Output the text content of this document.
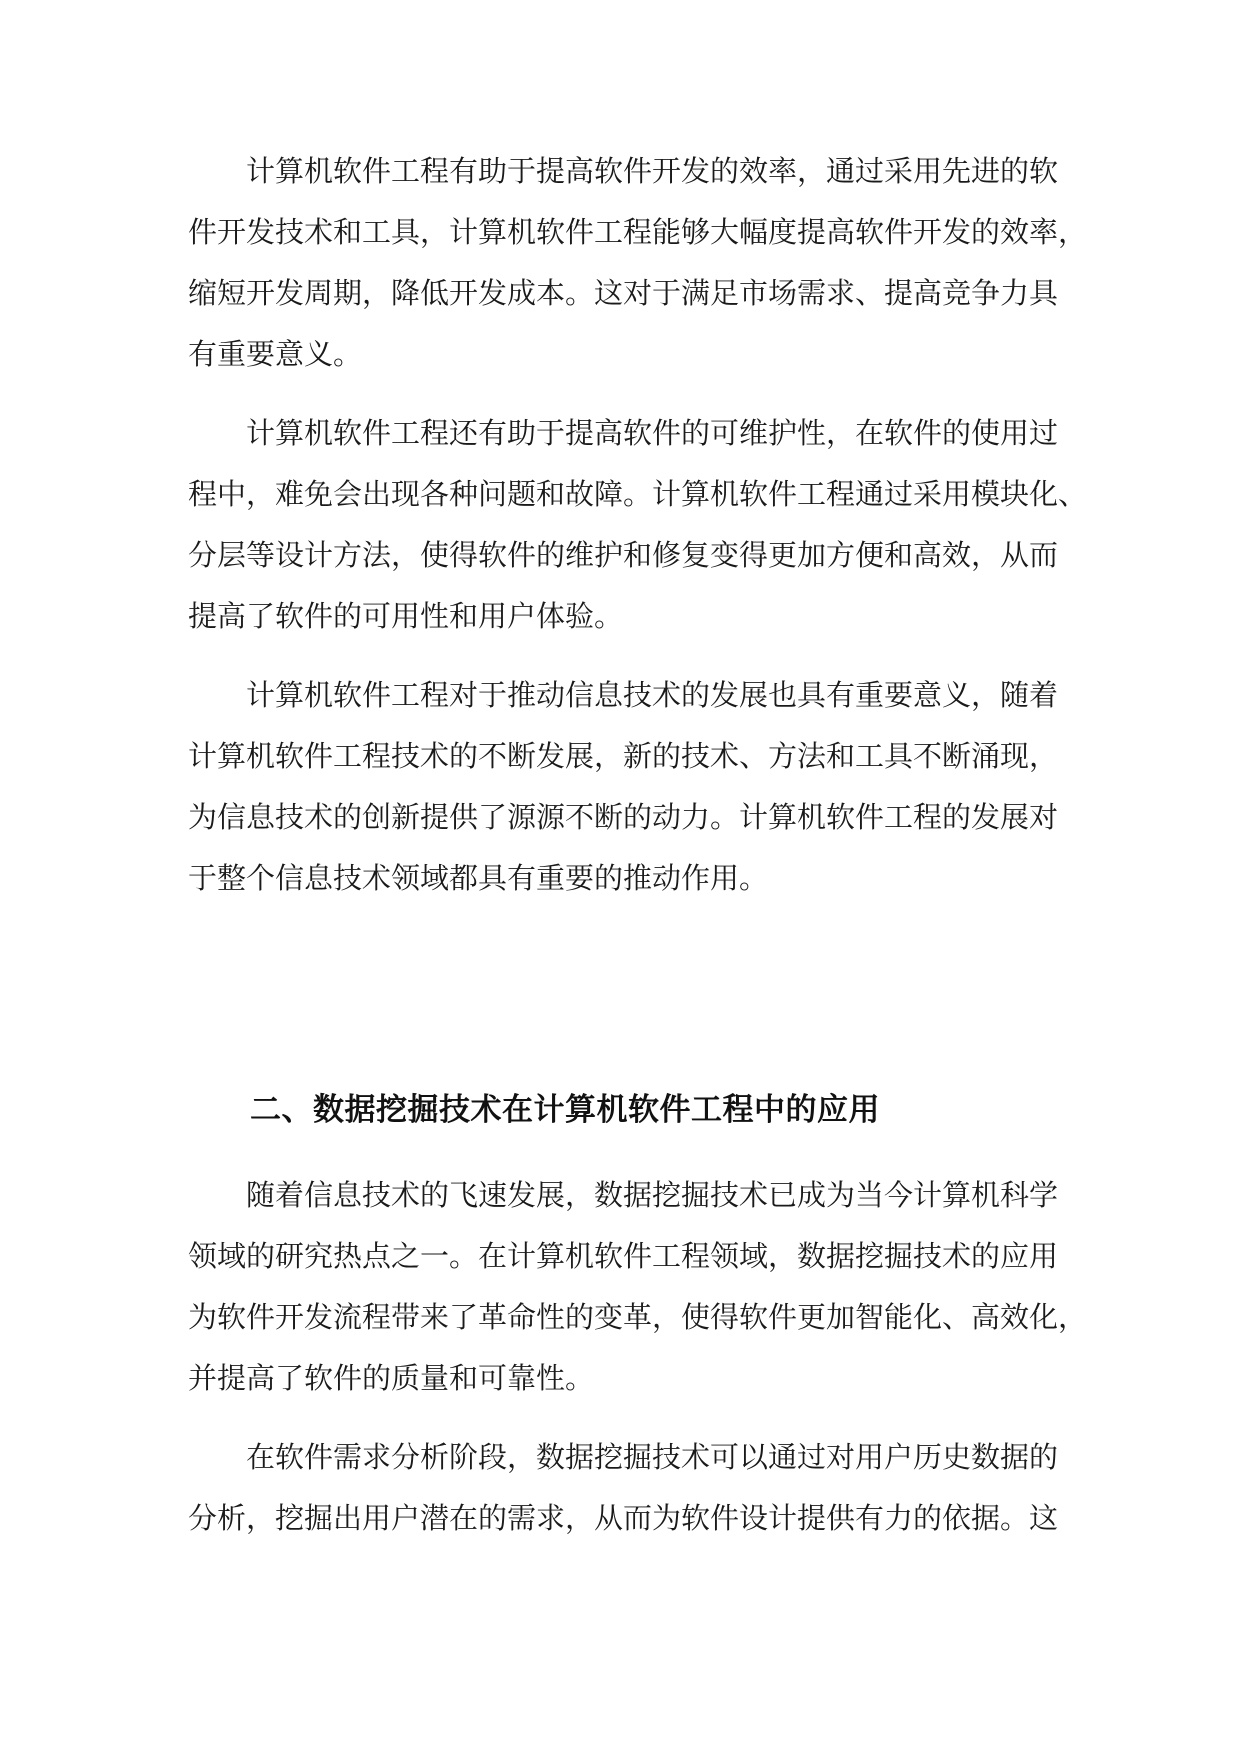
计算机软件工程有助于提高软件开发的效率，通过采用先进的软
件开发技术和工具，计算机软件工程能够大幅度提高软件开发的效率，
缩短开发周期，降低开发成本。这对于满足市场需求、提高竞争力具
有重要意义。
计算机软件工程还有助于提高软件的可维护性，在软件的使用过
程中，难免会出现各种问题和故障。计算机软件工程通过采用模块化、
分层等设计方法，使得软件的维护和修复变得更加方便和高效，从而
提高了软件的可用性和用户体验。
计算机软件工程对于推动信息技术的发展也具有重要意义，随着
计算机软件工程技术的不断发展，新的技术、方法和工具不断涌现，
为信息技术的创新提供了源源不断的动力。计算机软件工程的发展对
于整个信息技术领域都具有重要的推动作用。
二、数据挖掘技术在计算机软件工程中的应用
随着信息技术的飞速发展，数据挖掘技术已成为当今计算机科学
领域的研究热点之一。在计算机软件工程领域，数据挖掘技术的应用
为软件开发流程带来了革命性的变革，使得软件更加智能化、高效化，
并提高了软件的质量和可靠性。
在软件需求分析阶段，数据挖掘技术可以通过对用户历史数据的
分析，挖掘出用户潜在的需求，从而为软件设计提供有力的依据。这
